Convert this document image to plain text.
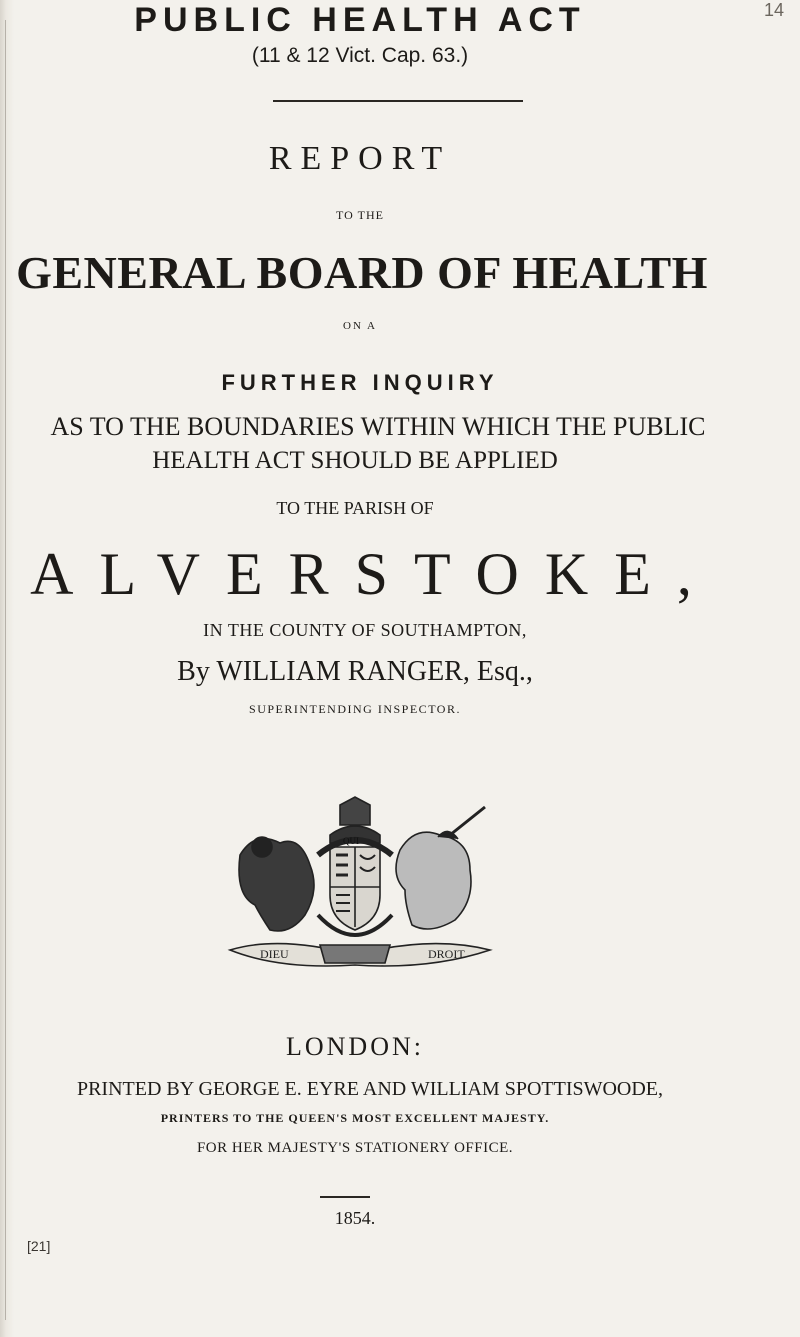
14
PUBLIC HEALTH ACT
(11 & 12 Vict. Cap. 63.)
REPORT
TO THE
GENERAL BOARD OF HEALTH
ON A
FURTHER INQUIRY
AS TO THE BOUNDARIES WITHIN WHICH THE PUBLIC
HEALTH ACT SHOULD BE APPLIED
TO THE PARISH OF
ALVERSTOKE,
IN THE COUNTY OF SOUTHAMPTON,
By WILLIAM RANGER, Esq.,
SUPERINTENDING INSPECTOR.
DIEU	DROIT
QUI
LONDON:
PRINTED BY GEORGE E. EYRE AND WILLIAM SPOTTISWOODE,
PRINTERS TO THE QUEEN'S MOST EXCELLENT MAJESTY.
FOR HER MAJESTY'S STATIONERY OFFICE.
1854.
[21]
